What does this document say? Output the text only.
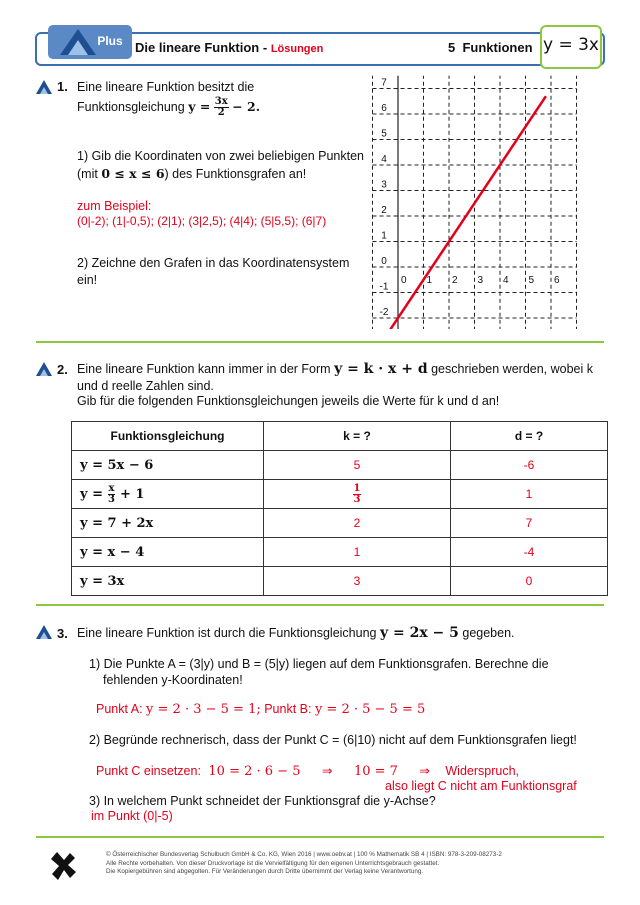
Plus Die lineare Funktion - Lösungen	5 Funktionen y = 3x
1. Eine lineare Funktion besitzt die
Funktionsgleichung $y = \frac{3x}{2} - 2$.
1) Gib die Koordinaten von zwei beliebigen Punkten
(mit 0 ≤ x ≤ 6) des Funktionsgrafen an!
zum Beispiel:
(0|-2); (1|-0,5); (2|1); (3|2,5); (4|4); (5|5,5); (6|7)
2) Zeichne den Grafen in das Koordinatensystem
ein!	0 1 2 3 4 5 6
7
6
5
4
3
2
1
0
-1
-2
2. Eine lineare Funktion kann immer in der Form y = k · x + d geschrieben werden, wobei k
und d reelle Zahlen sind.
Gib für die folgenden Funktionsgleichungen jeweils die Werte für k und d an!
Funktionsgleichung	k = ?	d = ?
y = 5x − 6	5	-6
$y = \frac{x}{3} + 1$	$\frac{1}{3}$	1
y = 7 + 2x	2	7
y = x − 4	1	-4
y = 3x	3	0
3. Eine lineare Funktion ist durch die Funktionsgleichung y = 2x − 5 gegeben.
1) Die Punkte A = (3|y) und B = (5|y) liegen auf dem Funktionsgrafen. Berechne die
fehlenden y-Koordinaten!
Punkt A: y = 2 · 3 − 5 = 1; Punkt B: y = 2 · 5 − 5 = 5
2) Begründe rechnerisch, dass der Punkt C = (6|10) nicht auf dem Funktionsgrafen liegt!
Punkt C einsetzen: 10 = 2 · 6 − 5 ⇒ 10 = 7 ⇒ Widerspruch,
also liegt C nicht am Funktionsgraf
3) In welchem Punkt schneidet der Funktionsgraf die y-Achse?
im Punkt (0|-5)
© Österreichischer Bundesverlag Schulbuch GmbH & Co. KG, Wien 2016 | www.oebv.at | 100 % Mathematik SB 4 | ISBN: 978-3-209-08273-2
Alle Rechte vorbehalten. Von dieser Druckvorlage ist die Vervielfältigung für den eigenen Unterrichtsgebrauch gestattet.
Die Kopiergebühren sind abgegolten. Für Veränderungen durch Dritte übernimmt der Verlag keine Verantwortung.
